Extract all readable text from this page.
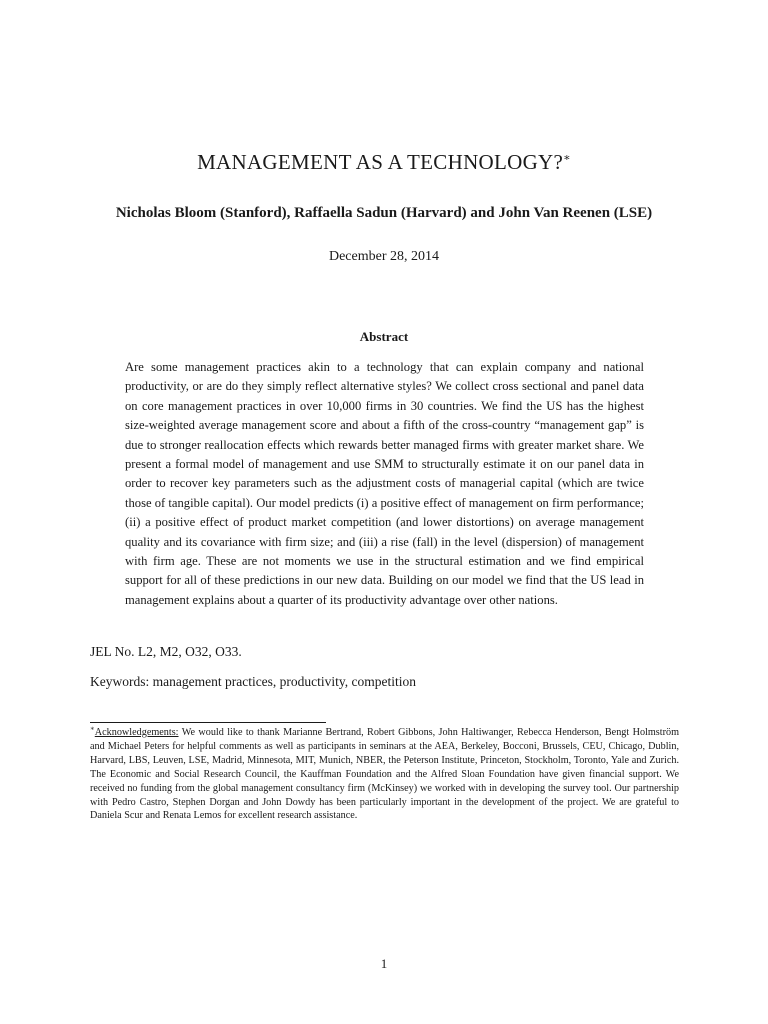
MANAGEMENT AS A TECHNOLOGY?∗
Nicholas Bloom (Stanford), Raffaella Sadun (Harvard) and John Van Reenen (LSE)
December 28, 2014
Abstract
Are some management practices akin to a technology that can explain company and national productivity, or are do they simply reflect alternative styles? We collect cross sectional and panel data on core management practices in over 10,000 firms in 30 countries. We find the US has the highest size-weighted average management score and about a fifth of the cross-country “management gap” is due to stronger reallocation effects which rewards better managed firms with greater market share. We present a formal model of management and use SMM to structurally estimate it on our panel data in order to recover key parameters such as the adjustment costs of managerial capital (which are twice those of tangible capital). Our model predicts (i) a positive effect of management on firm performance; (ii) a positive effect of product market competition (and lower distortions) on average management quality and its covariance with firm size; and (iii) a rise (fall) in the level (dispersion) of management with firm age. These are not moments we use in the structural estimation and we find empirical support for all of these predictions in our new data. Building on our model we find that the US lead in management explains about a quarter of its productivity advantage over other nations.
JEL No. L2, M2, O32, O33.
Keywords: management practices, productivity, competition
∗Acknowledgements: We would like to thank Marianne Bertrand, Robert Gibbons, John Haltiwanger, Rebecca Henderson, Bengt Holmström and Michael Peters for helpful comments as well as participants in seminars at the AEA, Berkeley, Bocconi, Brussels, CEU, Chicago, Dublin, Harvard, LBS, Leuven, LSE, Madrid, Minnesota, MIT, Munich, NBER, the Peterson Institute, Princeton, Stockholm, Toronto, Yale and Zurich. The Economic and Social Research Council, the Kauffman Foundation and the Alfred Sloan Foundation have given financial support. We received no funding from the global management consultancy firm (McKinsey) we worked with in developing the survey tool. Our partnership with Pedro Castro, Stephen Dorgan and John Dowdy has been particularly important in the development of the project. We are grateful to Daniela Scur and Renata Lemos for excellent research assistance.
1
